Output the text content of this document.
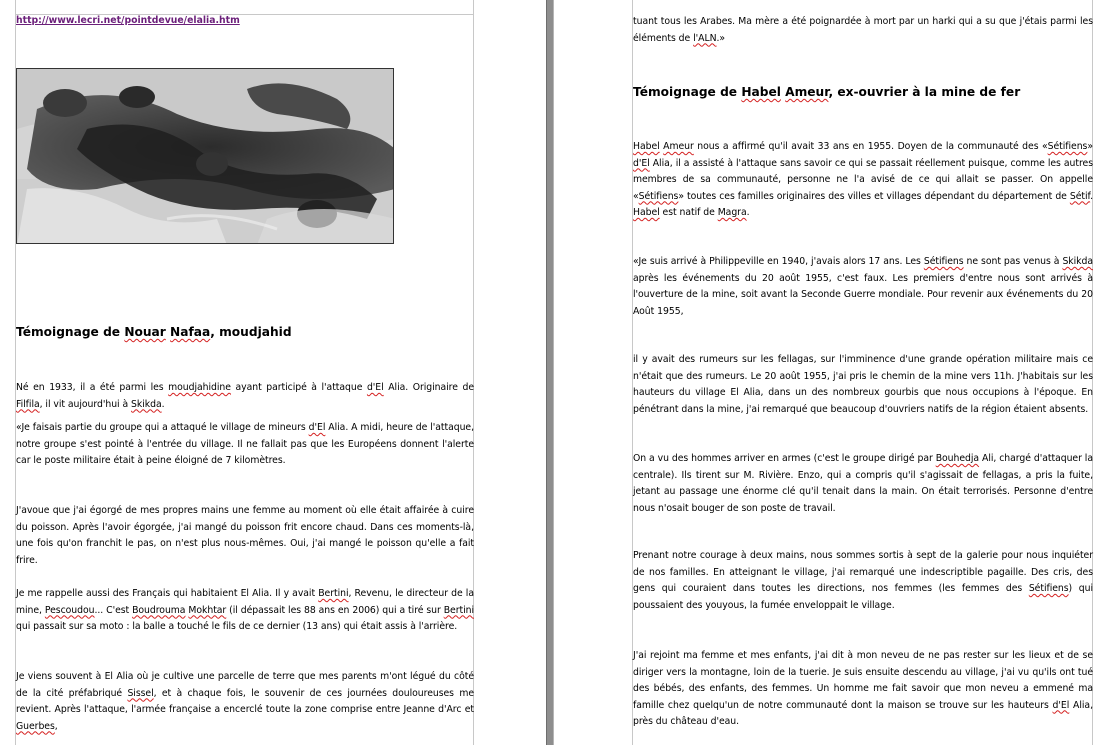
http://www.lecri.net/pointdevue/elalia.htm
Témoignage de Nouar Nafaa, moudjahid

Né en 1933, il a été parmi les moudjahidine ayant participé à l'attaque d'El Alia. Originaire de Filfila, il vit aujourd'hui à Skikda.

«Je faisais partie du groupe qui a attaqué le village de mineurs d'El Alia. A midi, heure de l'attaque, notre groupe s'est pointé à l'entrée du village. Il ne fallait pas que les Européens donnent l'alerte car le poste militaire était à peine éloigné de 7 kilomètres.

J'avoue que j'ai égorgé de mes propres mains une femme au moment où elle était affairée à cuire du poisson. Après l'avoir égorgée, j'ai mangé du poisson frit encore chaud. Dans ces moments-là, une fois qu'on franchit le pas, on n'est plus nous-mêmes. Oui, j'ai mangé le poisson qu'elle a fait frire.

Je me rappelle aussi des Français qui habitaient El Alia. Il y avait Bertini, Revenu, le directeur de la mine, Pescoudou... C'est Boudrouma Mokhtar (il dépassait les 88 ans en 2006) qui a tiré sur Bertini qui passait sur sa moto : la balle a touché le fils de ce dernier (13 ans) qui était assis à l'arrière.

Je viens souvent à El Alia où je cultive une parcelle de terre que mes parents m'ont légué du côté de la cité préfabriqué Sissel, et à chaque fois, le souvenir de ces journées douloureuses me revient. Après l'attaque, l'armée française a encerclé toute la zone comprise entre Jeanne d'Arc et Guerbes,

tuant tous les Arabes. Ma mère a été poignardée à mort par un harki qui a su que j'étais parmi les éléments de l'ALN.»

Témoignage de Habel Ameur, ex-ouvrier à la mine de fer

Habel Ameur nous a affirmé qu'il avait 33 ans en 1955. Doyen de la communauté des «Sétifiens» d'El Alia, il a assisté à l'attaque sans savoir ce qui se passait réellement puisque, comme les autres membres de sa communauté, personne ne l'a avisé de ce qui allait se passer. On appelle «Sétifiens» toutes ces familles originaires des villes et villages dépendant du département de Sétif. Habel est natif de Magra.

«Je suis arrivé à Philippeville en 1940, j'avais alors 17 ans. Les Sétifiens ne sont pas venus à Skikda après les événements du 20 août 1955, c'est faux. Les premiers d'entre nous sont arrivés à l'ouverture de la mine, soit avant la Seconde Guerre mondiale. Pour revenir aux événements du 20 Août 1955,

il y avait des rumeurs sur les fellagas, sur l'imminence d'une grande opération militaire mais ce n'était que des rumeurs. Le 20 août 1955, j'ai pris le chemin de la mine vers 11h. J'habitais sur les hauteurs du village El Alia, dans un des nombreux gourbis que nous occupions à l'époque. En pénétrant dans la mine, j'ai remarqué que beaucoup d'ouvriers natifs de la région étaient absents.

On a vu des hommes arriver en armes (c'est le groupe dirigé par Bouhedja Ali, chargé d'attaquer la centrale). Ils tirent sur M. Rivière. Enzo, qui a compris qu'il s'agissait de fellagas, a pris la fuite, jetant au passage une énorme clé qu'il tenait dans la main. On était terrorisés. Personne d'entre nous n'osait bouger de son poste de travail.

Prenant notre courage à deux mains, nous sommes sortis à sept de la galerie pour nous inquiéter de nos familles. En atteignant le village, j'ai remarqué une indescriptible pagaille. Des cris, des gens qui couraient dans toutes les directions, nos femmes (les femmes des Sétifiens) qui poussaient des youyous, la fumée enveloppait le village.

J'ai rejoint ma femme et mes enfants, j'ai dit à mon neveu de ne pas rester sur les lieux et de se diriger vers la montagne, loin de la tuerie. Je suis ensuite descendu au village, j'ai vu qu'ils ont tué des bébés, des enfants, des femmes. Un homme me fait savoir que mon neveu a emmené ma famille chez quelqu'un de notre communauté dont la maison se trouve sur les hauteurs d'El Alia, près du château d'eau.
